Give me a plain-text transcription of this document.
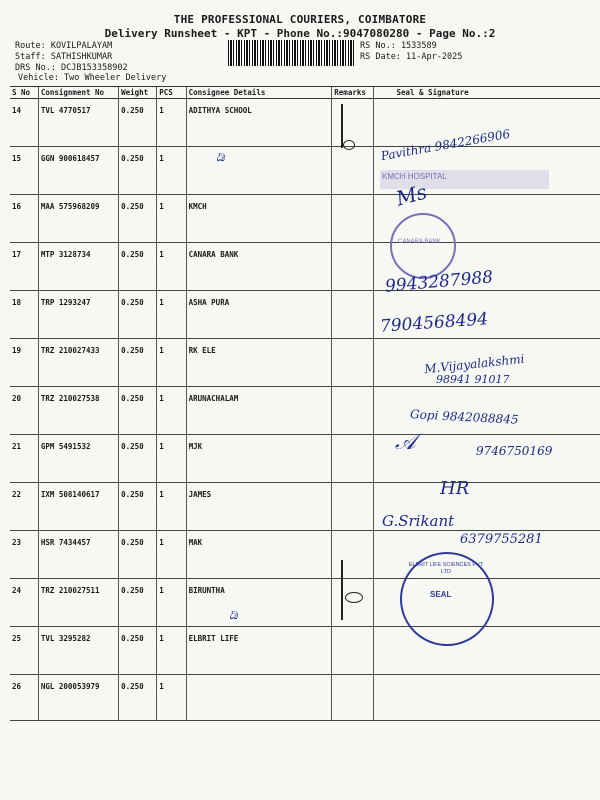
THE PROFESSIONAL COURIERS, COIMBATORE
Delivery Runsheet - KPT - Phone No.:9047080280 - Page No.:2
Route: KOVILPALAYAM
Staff: SATHISHKUMAR
DRS No.: DCJB153358902
Vehicle: Two Wheeler Delivery
RS No.: 1533589
RS Date: 11-Apr-2025
S No	Consignment No	Weight	PCS	Consignee Details	Remarks	Seal & Signature
14	TVL 4770517	0.250	1	ADITHYA SCHOOL		
15	GGN 900618457	0.250	1			
16	MAA 575968209	0.250	1	KMCH		
17	MTP 3128734	0.250	1	CANARA BANK		
18	TRP 1293247	0.250	1	ASHA PURA		
19	TRZ 210027433	0.250	1	RK ELE		
20	TRZ 210027538	0.250	1	ARUNACHALAM		
21	GPM 5491532	0.250	1	MJK		
22	IXM 508140617	0.250	1	JAMES		
23	HSR 7434457	0.250	1	MAK		
24	TRZ 210027511	0.250	1	BIRUNTHA		
25	TVL 3295282	0.250	1	ELBRIT LIFE		
26	NGL 200053979	0.250	1			
ಡಿ
ಡಿ
Pavithra 9842266906
KMCH HOSPITAL
Ms
CANARA BANK
9943287988
7904568494
M.Vijayalakshmi
98941 91017
Gopi 9842088845
𝒜	9746750169
HR
G.Srikant
6379755281
ELBRIT LIFE SCIENCES PVT LTD
SEAL
